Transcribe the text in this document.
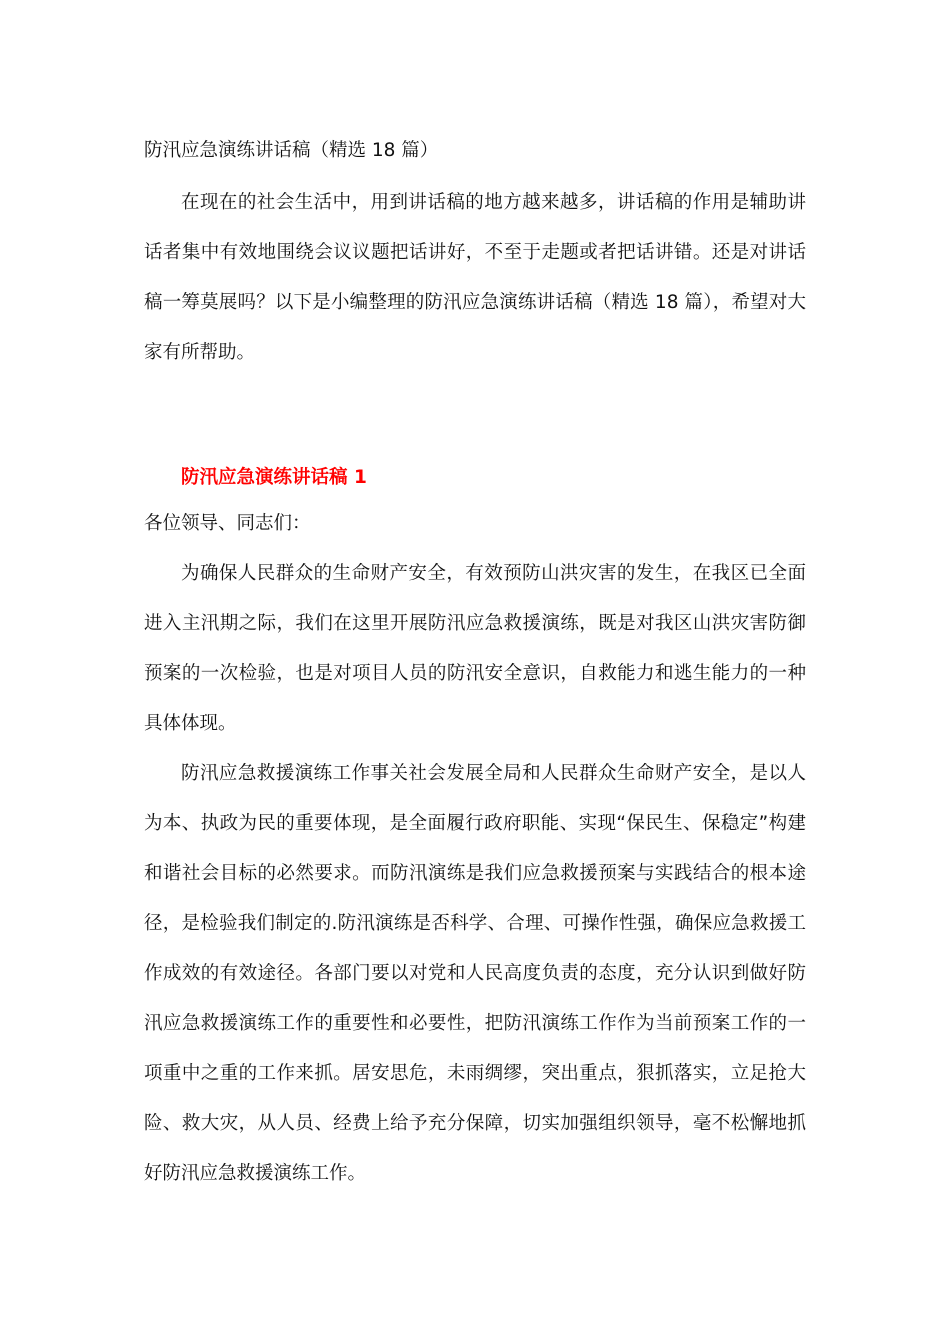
防汛应急演练讲话稿（精选 18 篇）

在现在的社会生活中，用到讲话稿的地方越来越多，讲话稿的作用是辅助讲话者集中有效地围绕会议议题把话讲好，不至于走题或者把话讲错。还是对讲话稿一筹莫展吗？以下是小编整理的防汛应急演练讲话稿（精选 18 篇），希望对大家有所帮助。

防汛应急演练讲话稿 1

各位领导、同志们：

为确保人民群众的生命财产安全，有效预防山洪灾害的发生，在我区已全面进入主汛期之际，我们在这里开展防汛应急救援演练，既是对我区山洪灾害防御预案的一次检验，也是对项目人员的防汛安全意识，自救能力和逃生能力的一种具体体现。

防汛应急救援演练工作事关社会发展全局和人民群众生命财产安全，是以人为本、执政为民的重要体现，是全面履行政府职能、实现“保民生、保稳定”构建和谐社会目标的必然要求。而防汛演练是我们应急救援预案与实践结合的根本途径，是检验我们制定的.防汛演练是否科学、合理、可操作性强，确保应急救援工作成效的有效途径。各部门要以对党和人民高度负责的态度，充分认识到做好防汛应急救援演练工作的重要性和必要性，把防汛演练工作作为当前预案工作的一项重中之重的工作来抓。居安思危，未雨绸缪，突出重点，狠抓落实，立足抢大险、救大灾，从人员、经费上给予充分保障，切实加强组织领导，毫不松懈地抓好防汛应急救援演练工作。
